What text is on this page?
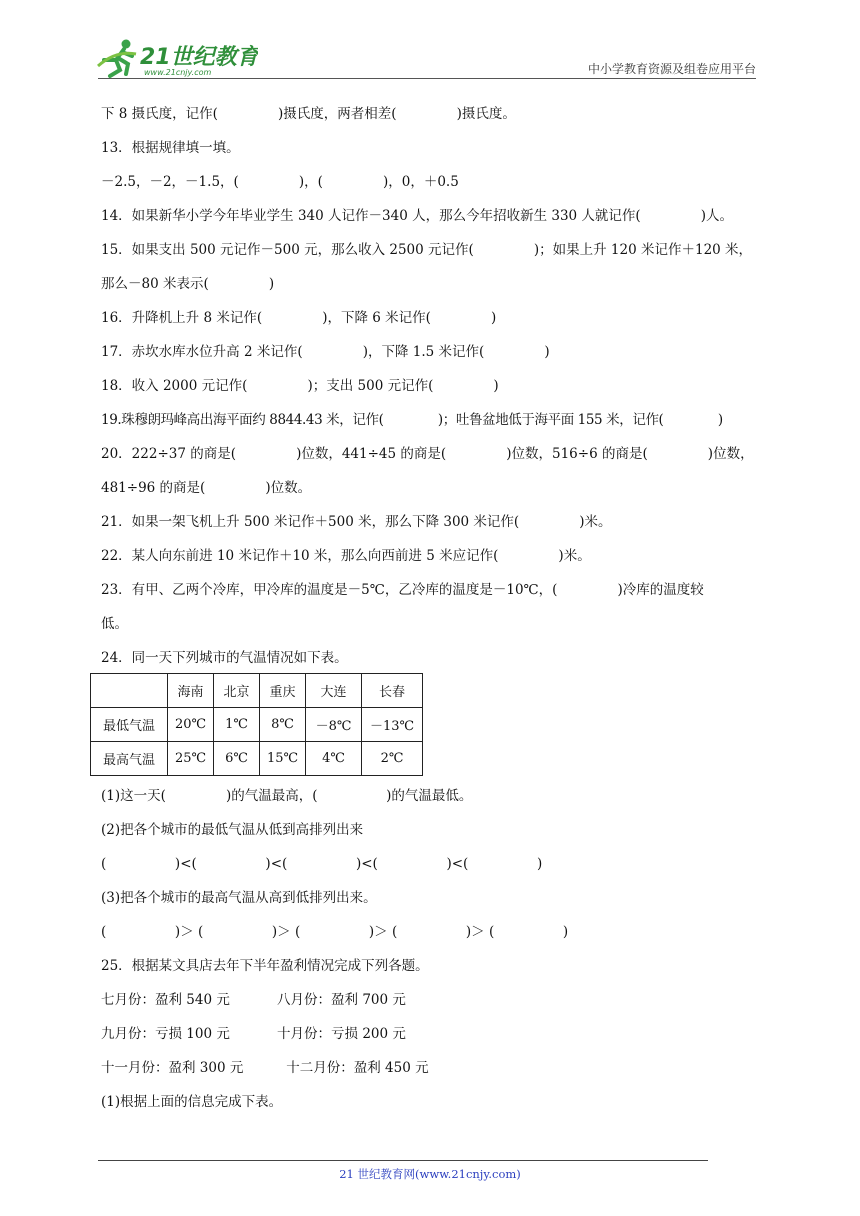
21世纪教育
www.21cnjy.com	中小学教育资源及组卷应用平台
下 8 摄氏度，记作(              )摄氏度，两者相差(              )摄氏度。
13．根据规律填一填。
－2.5，－2，－1.5，(              )，(              )，0，＋0.5
14．如果新华小学今年毕业学生 340 人记作－340 人，那么今年招收新生 330 人就记作(              )人。
15．如果支出 500 元记作－500 元，那么收入 2500 元记作(              )；如果上升 120 米记作＋120 米，
那么－80 米表示(              )
16．升降机上升 8 米记作(              )，下降 6 米记作(              )
17．赤坎水库水位升高 2 米记作(              )，下降 1.5 米记作(              )
18．收入 2000 元记作(              )；支出 500 元记作(              )
19.珠穆朗玛峰高出海平面约 8844.43 米，记作(              )；吐鲁盆地低于海平面 155 米，记作(              )
20．222÷37 的商是(              )位数，441÷45 的商是(              )位数，516÷6 的商是(              )位数，
481÷96 的商是(              )位数。
21．如果一架飞机上升 500 米记作＋500 米，那么下降 300 米记作(              )米。
22．某人向东前进 10 米记作＋10 米，那么向西前进 5 米应记作(              )米。
23．有甲、乙两个冷库，甲冷库的温度是－5℃，乙冷库的温度是－10℃，(              )冷库的温度较
低。
24．同一天下列城市的气温情况如下表。
	海南	北京	重庆	大连	长春
最低气温	20℃	1℃	8℃	－8℃	－13℃
最高气温	25℃	6℃	15℃	4℃	2℃
(1)这一天(              )的气温最高，(                )的气温最低。
(2)把各个城市的最低气温从低到高排列出来
(                )<(                )<(                )<(                )<(                )
(3)把各个城市的最高气温从高到低排列出来。
(                )＞ (                )＞ (                )＞ (                )＞ (                )
25．根据某文具店去年下半年盈利情况完成下列各题。
七月份：盈利 540 元           八月份：盈利 700 元
九月份：亏损 100 元           十月份：亏损 200 元
十一月份：盈利 300 元          十二月份：盈利 450 元
(1)根据上面的信息完成下表。
21 世纪教育网(www.21cnjy.com)
